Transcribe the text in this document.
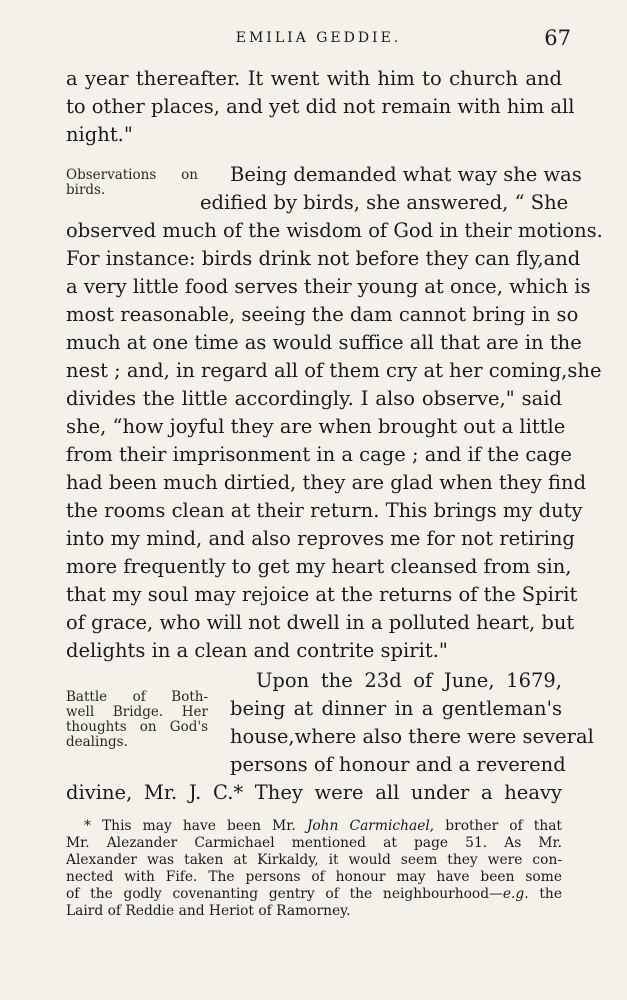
EMILIA GEDDIE.	67
a year thereafter. It went with him to church and
to other places, and yet did not remain with him all
night."
Observations on
birds.
Being demanded what way she was
edified by birds, she answered, “ She
observed much of the wisdom of God in their motions.
For instance: birds drink not before they can fly,and
a very little food serves their young at once, which is
most reasonable, seeing the dam cannot bring in so
much at one time as would suffice all that are in the
nest ; and, in regard all of them cry at her coming,she
divides the little accordingly. I also observe," said
she, “how joyful they are when brought out a little
from their imprisonment in a cage ; and if the cage
had been much dirtied, they are glad when they find
the rooms clean at their return. This brings my duty
into my mind, and also reproves me for not retiring
more frequently to get my heart cleansed from sin,
that my soul may rejoice at the returns of the Spirit
of grace, who will not dwell in a polluted heart, but
delights in a clean and contrite spirit."
Battle of Both-
well Bridge. Her
thoughts on God's
dealings.
Upon the 23d of June, 1679,
being at dinner in a gentleman's
house,where also there were several
persons of honour and a reverend
divine, Mr. J. C.* They were all under a heavy
* This may have been Mr. John Carmichael, brother of that
Mr. Alezander Carmichael mentioned at page 51. As Mr.
Alexander was taken at Kirkaldy, it would seem they were con-
nected with Fife. The persons of honour may have been some
of the godly covenanting gentry of the neighbourhood—e.g. the
Laird of Reddie and Heriot of Ramorney.
